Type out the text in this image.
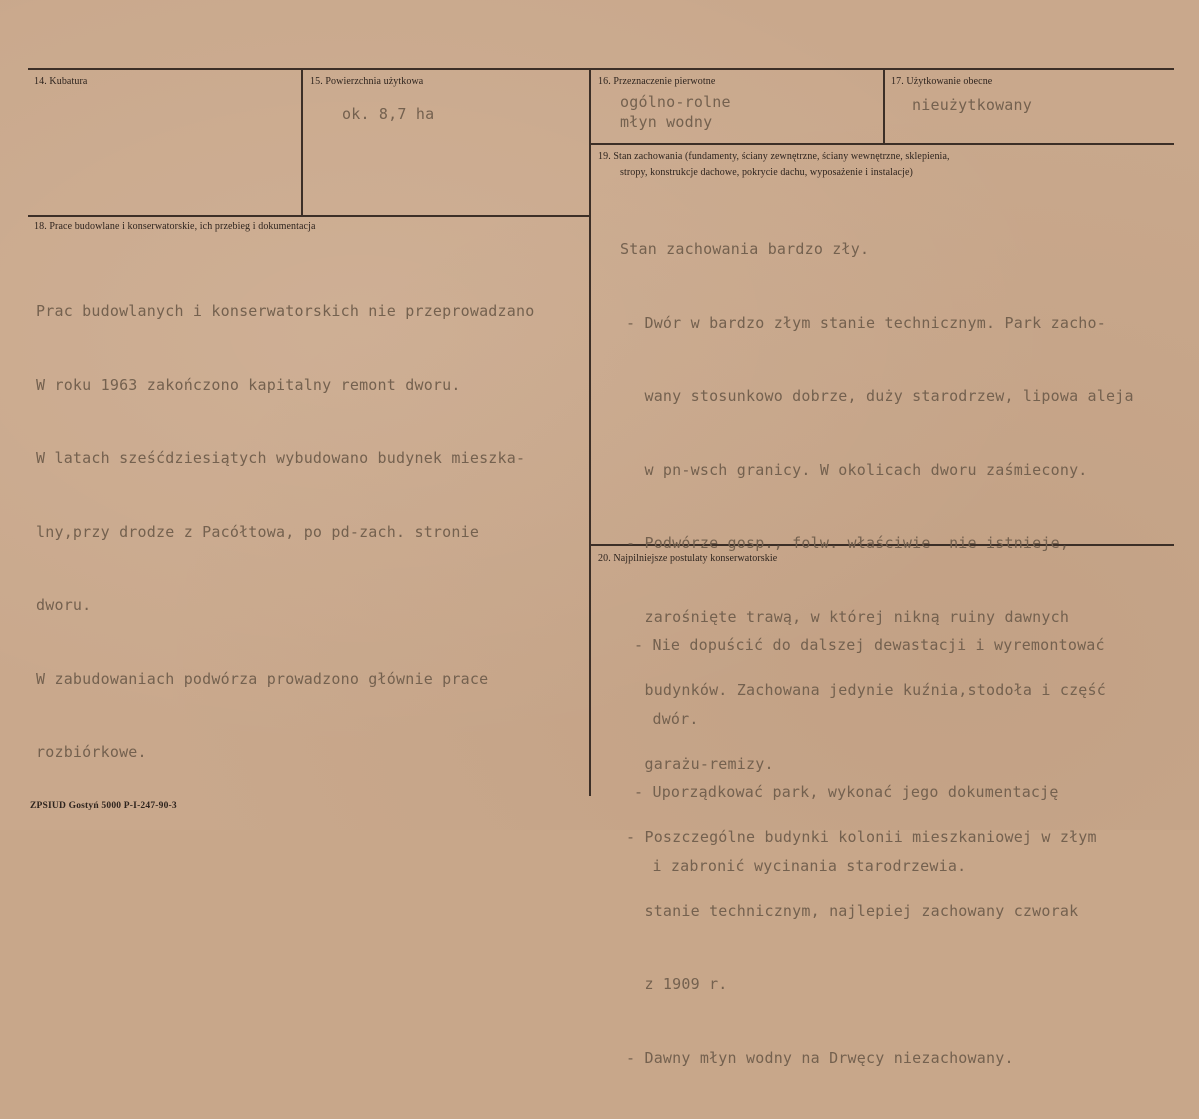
14. Kubatura	15. Powierzchnia użytkowa
ok. 8,7 ha
16. Przeznaczenie pierwotne
ogólno-rolne
młyn wodny
17. Użytkowanie obecne
nieużytkowany
18. Prace budowlane i konserwatorskie, ich przebieg i dokumentacja

Prac budowlanych i konserwatorskich nie przeprowadzano

W roku 1963 zakończono kapitalny remont dworu.

W latach sześćdziesiątych wybudowano budynek mieszka-

lny,przy drodze z Pacółtowa, po pd-zach. stronie

dworu.

W zabudowaniach podwórza prowadzono głównie prace

rozbiórkowe.

19. Stan zachowania (fundamenty, ściany zewnętrzne, ściany wewnętrzne, sklepienia,
stropy, konstrukcje dachowe, pokrycie dachu, wyposażenie i instalacje)

Stan zachowania bardzo zły.

- Dwór w bardzo złym stanie technicznym. Park zacho-

wany stosunkowo dobrze, duży starodrzew, lipowa aleja

w pn-wsch granicy. W okolicach dworu zaśmiecony.

- Podwórze gosp., folw. właściwie  nie istnieje,

zarośnięte trawą, w której nikną ruiny dawnych

budynków. Zachowana jedynie kuźnia,stodoła i część

garażu-remizy.

- Poszczególne budynki kolonii mieszkaniowej w złym

stanie technicznym, najlepiej zachowany czworak

z 1909 r.

- Dawny młyn wodny na Drwęcy niezachowany.

20. Najpilniejsze postulaty konserwatorskie

- Nie dopuścić do dalszej dewastacji i wyremontować

dwór.

- Uporządkować park, wykonać jego dokumentację

i zabronić wycinania starodrzewia.

ZPSIUD Gostyń 5000 P-I-247-90-3
